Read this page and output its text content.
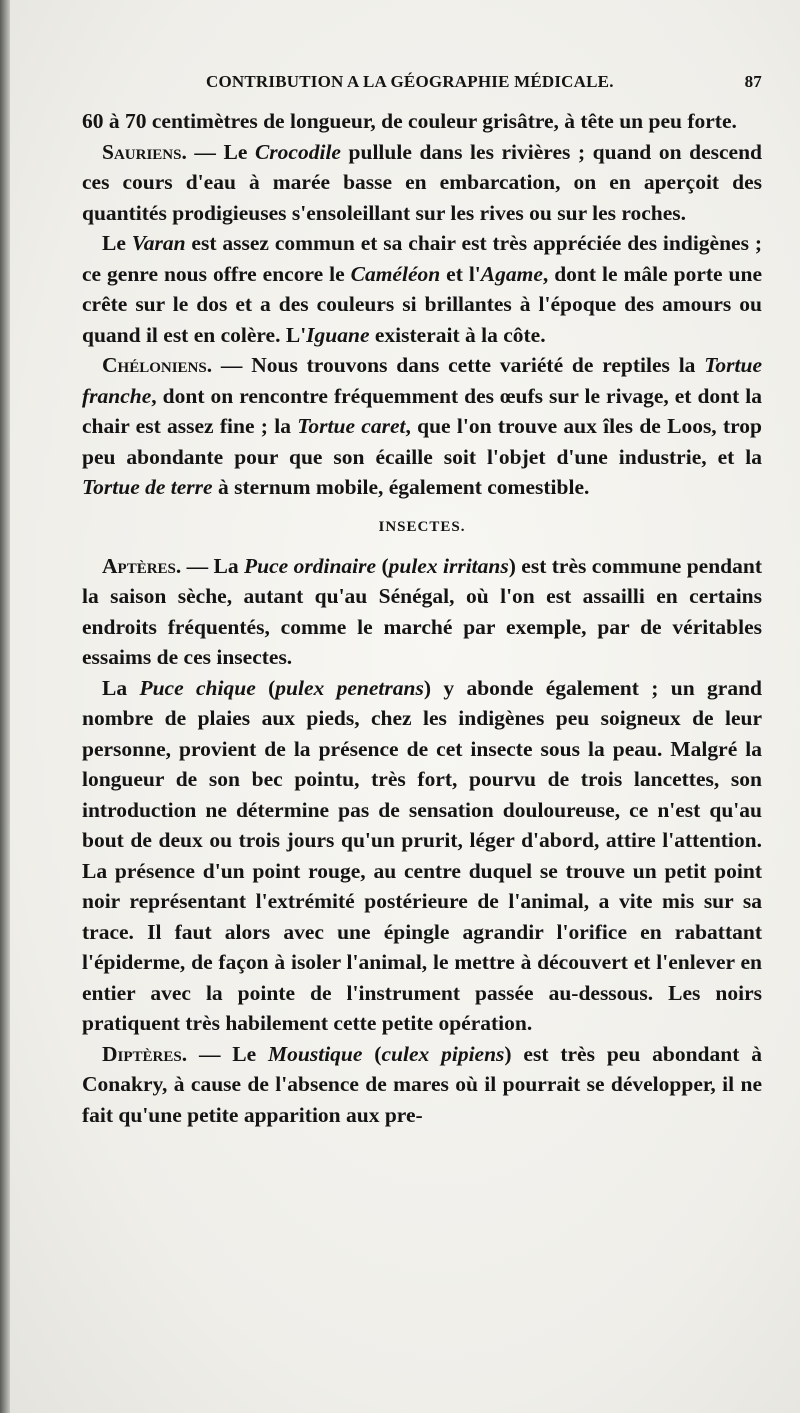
CONTRIBUTION A LA GÉOGRAPHIE MÉDICALE.	87

60 à 70 centimètres de longueur, de couleur grisâtre, à tête un peu forte.

Sauriens. — Le Crocodile pullule dans les rivières ; quand on descend ces cours d'eau à marée basse en embarcation, on en aperçoit des quantités prodigieuses s'ensoleillant sur les rives ou sur les roches.

Le Varan est assez commun et sa chair est très appréciée des indigènes ; ce genre nous offre encore le Caméléon et l'Agame, dont le mâle porte une crête sur le dos et a des couleurs si brillantes à l'époque des amours ou quand il est en colère. L'Iguane existerait à la côte.

Chéloniens. — Nous trouvons dans cette variété de reptiles la Tortue franche, dont on rencontre fréquemment des œufs sur le rivage, et dont la chair est assez fine ; la Tortue caret, que l'on trouve aux îles de Loos, trop peu abondante pour que son écaille soit l'objet d'une industrie, et la Tortue de terre à sternum mobile, également comestible.

INSECTES.

Aptères. — La Puce ordinaire (pulex irritans) est très commune pendant la saison sèche, autant qu'au Sénégal, où l'on est assailli en certains endroits fréquentés, comme le marché par exemple, par de véritables essaims de ces insectes.

La Puce chique (pulex penetrans) y abonde également ; un grand nombre de plaies aux pieds, chez les indigènes peu soigneux de leur personne, provient de la présence de cet insecte sous la peau. Malgré la longueur de son bec pointu, très fort, pourvu de trois lancettes, son introduction ne détermine pas de sensation douloureuse, ce n'est qu'au bout de deux ou trois jours qu'un prurit, léger d'abord, attire l'attention. La présence d'un point rouge, au centre duquel se trouve un petit point noir représentant l'extrémité postérieure de l'animal, a vite mis sur sa trace. Il faut alors avec une épingle agrandir l'orifice en rabattant l'épiderme, de façon à isoler l'animal, le mettre à découvert et l'enlever en entier avec la pointe de l'instrument passée au-dessous. Les noirs pratiquent très habilement cette petite opération.

Diptères. — Le Moustique (culex pipiens) est très peu abondant à Conakry, à cause de l'absence de mares où il pourrait se développer, il ne fait qu'une petite apparition aux pre-
